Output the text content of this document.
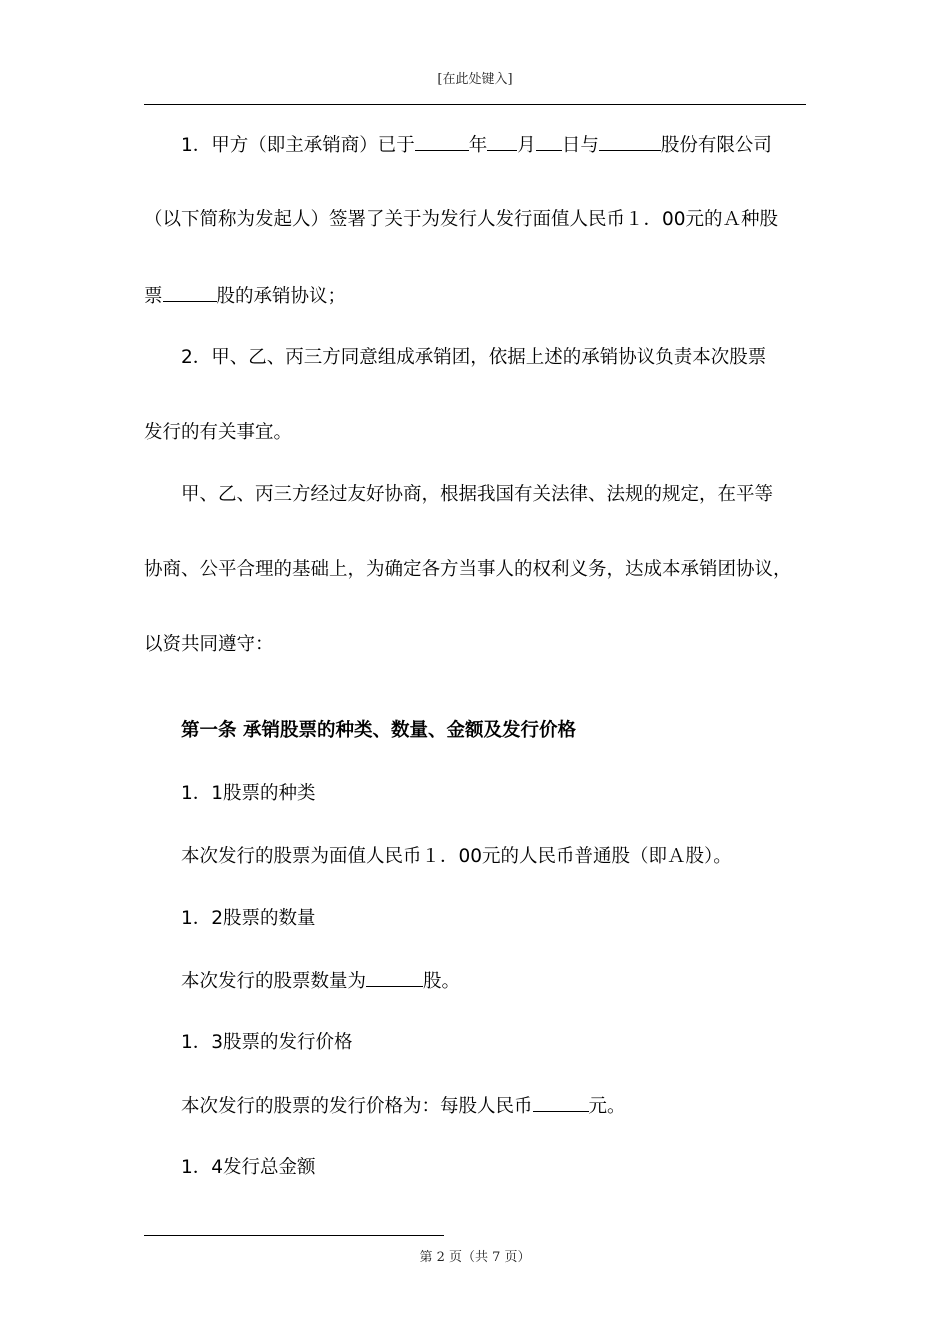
[在此处键入]
1．甲方（即主承销商）已于	年 月 日与	股份有限公司
（以下简称为发起人）签署了关于为发行人发行面值人民币１．00元的Ａ种股
票	股的承销协议；
2．甲、乙、丙三方同意组成承销团，依据上述的承销协议负责本次股票
发行的有关事宜。
甲、乙、丙三方经过友好协商，根据我国有关法律、法规的规定，在平等
协商、公平合理的基础上，为确定各方当事人的权利义务，达成本承销团协议，
以资共同遵守：
第一条 承销股票的种类、数量、金额及发行价格
1．1股票的种类
本次发行的股票为面值人民币１．00元的人民币普通股（即Ａ股）。
1．2股票的数量
本次发行的股票数量为	股。
1．3股票的发行价格
本次发行的股票的发行价格为：每股人民币	元。
1．4发行总金额
第 2 页（共 7 页）
